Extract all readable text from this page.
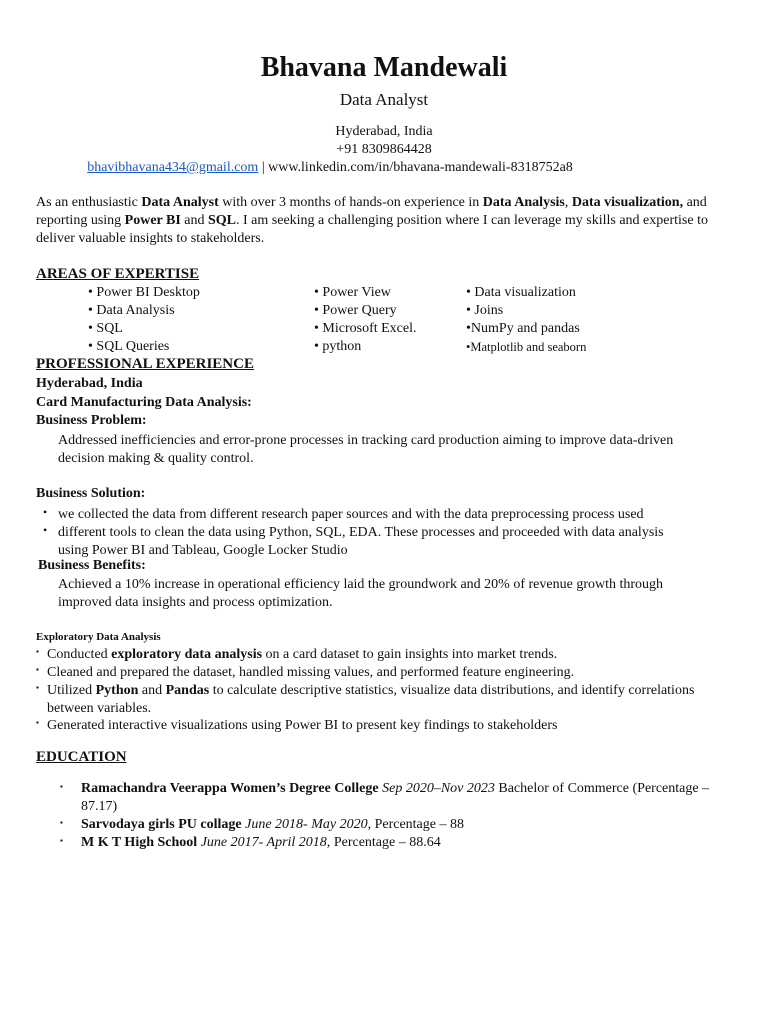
Bhavana Mandewali
Data Analyst
Hyderabad, India
+91 8309864428
bhavibhavana434@gmail.com | www.linkedin.com/in/bhavana-mandewali-8318752a8
As an enthusiastic Data Analyst with over 3 months of hands-on experience in Data Analysis, Data visualization, and reporting using Power BI and SQL. I am seeking a challenging position where I can leverage my skills and expertise to deliver valuable insights to stakeholders.
AREAS OF EXPERTISE
• Power BI Desktop
• Data Analysis
• SQL
• SQL Queries
• Power View
• Power Query
• Microsoft Excel.
• python
• Data visualization
• Joins
•NumPy and pandas
•Matplotlib and seaborn
PROFESSIONAL EXPERIENCE
Hyderabad, India
Card Manufacturing Data Analysis:
Business Problem:
Addressed inefficiencies and error-prone processes in tracking card production aiming to improve data-driven decision making & quality control.
Business Solution:
• we collected the data from different research paper sources and with the data preprocessing process used
• different tools to clean the data using Python, SQL, EDA. These processes and proceeded with data analysis using Power BI and Tableau, Google Locker Studio
Business Benefits:
Achieved a 10% increase in operational efficiency laid the groundwork and 20% of revenue growth through improved data insights and process optimization.
Exploratory Data Analysis
▪ Conducted exploratory data analysis on a card dataset to gain insights into market trends.
▪ Cleaned and prepared the dataset, handled missing values, and performed feature engineering.
▪ Utilized Python and Pandas to calculate descriptive statistics, visualize data distributions, and identify correlations between variables.
▪ Generated interactive visualizations using Power BI to present key findings to stakeholders
EDUCATION
▪ Ramachandra Veerappa Women’s Degree College Sep 2020–Nov 2023 Bachelor of Commerce (Percentage – 87.17)
▪ Sarvodaya girls PU collage June 2018- May 2020, Percentage – 88
▪ M K T High School June 2017- April 2018, Percentage – 88.64
